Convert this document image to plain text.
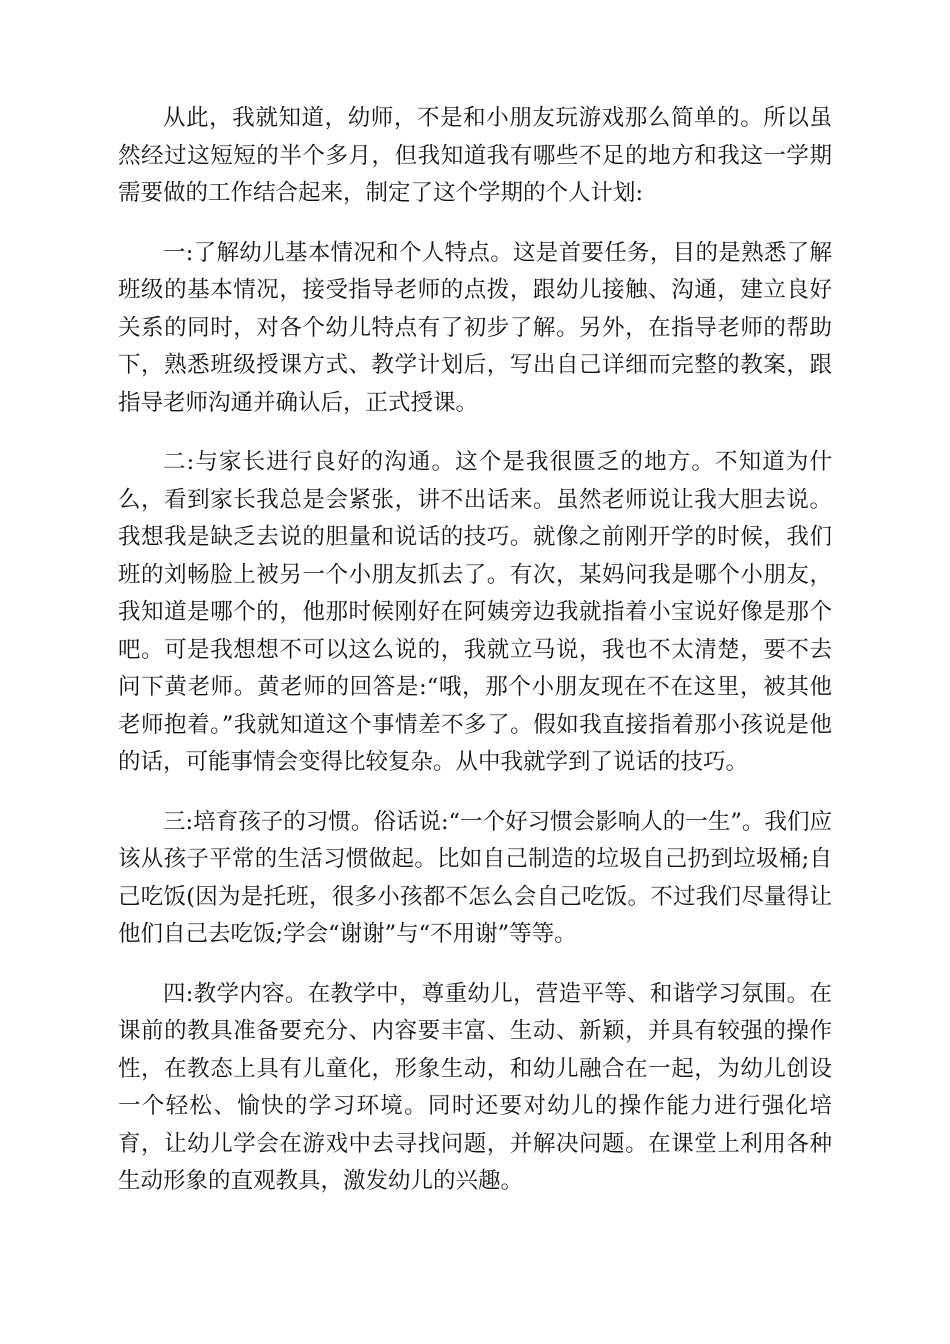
从此，我就知道，幼师，不是和小朋友玩游戏那么简单的。所以虽然经过这短短的半个多月，但我知道我有哪些不足的地方和我这一学期需要做的工作结合起来，制定了这个学期的个人计划:

一:了解幼儿基本情况和个人特点。这是首要任务，目的是熟悉了解班级的基本情况，接受指导老师的点拨，跟幼儿接触、沟通，建立良好关系的同时，对各个幼儿特点有了初步了解。另外，在指导老师的帮助下，熟悉班级授课方式、教学计划后，写出自己详细而完整的教案，跟指导老师沟通并确认后，正式授课。

二:与家长进行良好的沟通。这个是我很匮乏的地方。不知道为什么，看到家长我总是会紧张，讲不出话来。虽然老师说让我大胆去说。我想我是缺乏去说的胆量和说话的技巧。就像之前刚开学的时候，我们班的刘畅脸上被另一个小朋友抓去了。有次，某妈问我是哪个小朋友，我知道是哪个的，他那时候刚好在阿姨旁边我就指着小宝说好像是那个吧。可是我想想不可以这么说的，我就立马说，我也不太清楚，要不去问下黄老师。黄老师的回答是:“哦，那个小朋友现在不在这里，被其他老师抱着。”我就知道这个事情差不多了。假如我直接指着那小孩说是他的话，可能事情会变得比较复杂。从中我就学到了说话的技巧。

三:培育孩子的习惯。俗话说:“一个好习惯会影响人的一生”。我们应该从孩子平常的生活习惯做起。比如自己制造的垃圾自己扔到垃圾桶;自己吃饭(因为是托班，很多小孩都不怎么会自己吃饭。不过我们尽量得让他们自己去吃饭;学会“谢谢”与“不用谢”等等。

四:教学内容。在教学中，尊重幼儿，营造平等、和谐学习氛围。在课前的教具准备要充分、内容要丰富、生动、新颖，并具有较强的操作性，在教态上具有儿童化，形象生动，和幼儿融合在一起，为幼儿创设一个轻松、愉快的学习环境。同时还要对幼儿的操作能力进行强化培育，让幼儿学会在游戏中去寻找问题，并解决问题。在课堂上利用各种生动形象的直观教具，激发幼儿的兴趣。
